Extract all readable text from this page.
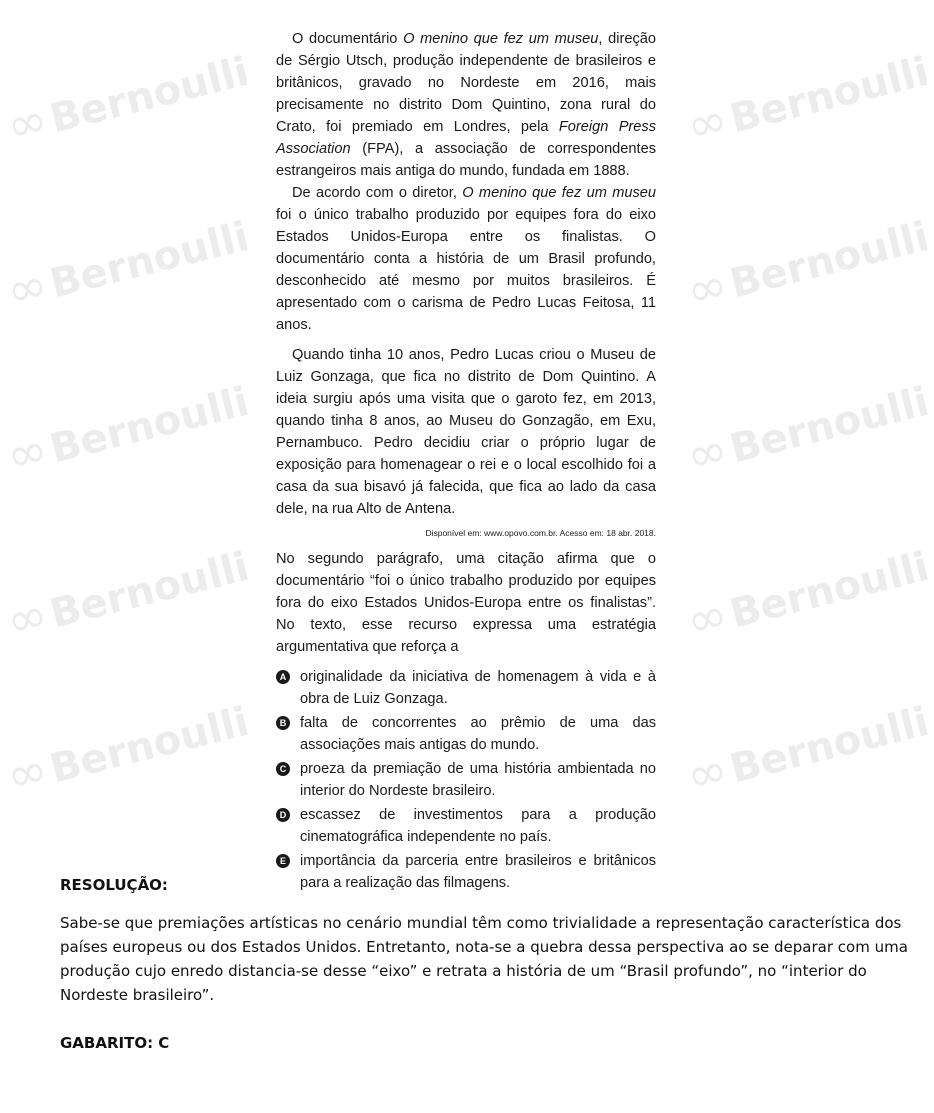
∞Bernoulli	∞Bernoulli
∞Bernoulli	∞Bernoulli
∞Bernoulli	∞Bernoulli
∞Bernoulli	∞Bernoulli
∞Bernoulli	∞Bernoulli

O documentário O menino que fez um museu, direção de Sérgio Utsch, produção independente de brasileiros e britânicos, gravado no Nordeste em 2016, mais precisamente no distrito Dom Quintino, zona rural do Crato, foi premiado em Londres, pela Foreign Press Association (FPA), a associação de correspondentes estrangeiros mais antiga do mundo, fundada em 1888.

De acordo com o diretor, O menino que fez um museu foi o único trabalho produzido por equipes fora do eixo Estados Unidos-Europa entre os finalistas. O documentário conta a história de um Brasil profundo, desconhecido até mesmo por muitos brasileiros. É apresentado com o carisma de Pedro Lucas Feitosa, 11 anos.

Quando tinha 10 anos, Pedro Lucas criou o Museu de Luiz Gonzaga, que fica no distrito de Dom Quintino. A ideia surgiu após uma visita que o garoto fez, em 2013, quando tinha 8 anos, ao Museu do Gonzagão, em Exu, Pernambuco. Pedro decidiu criar o próprio lugar de exposição para homenagear o rei e o local escolhido foi a casa da sua bisavó já falecida, que fica ao lado da casa dele, na rua Alto de Antena.

Disponível em: www.opovo.com.br. Acesso em: 18 abr. 2018.

No segundo parágrafo, uma citação afirma que o documentário “foi o único trabalho produzido por equipes fora do eixo Estados Unidos-Europa entre os finalistas”. No texto, esse recurso expressa uma estratégia argumentativa que reforça a

A originalidade da iniciativa de homenagem à vida e à obra de Luiz Gonzaga.
B falta de concorrentes ao prêmio de uma das associações mais antigas do mundo.
C proeza da premiação de uma história ambientada no interior do Nordeste brasileiro.
D escassez de investimentos para a produção cinematográfica independente no país.
E importância da parceria entre brasileiros e britânicos para a realização das filmagens.
RESOLUÇÃO:
Sabe-se que premiações artísticas no cenário mundial têm como trivialidade a representação característica dos países europeus ou dos Estados Unidos. Entretanto, nota-se a quebra dessa perspectiva ao se deparar com uma produção cujo enredo distancia-se desse “eixo” e retrata a história de um “Brasil profundo”, no “interior do Nordeste brasileiro”.
GABARITO: C
